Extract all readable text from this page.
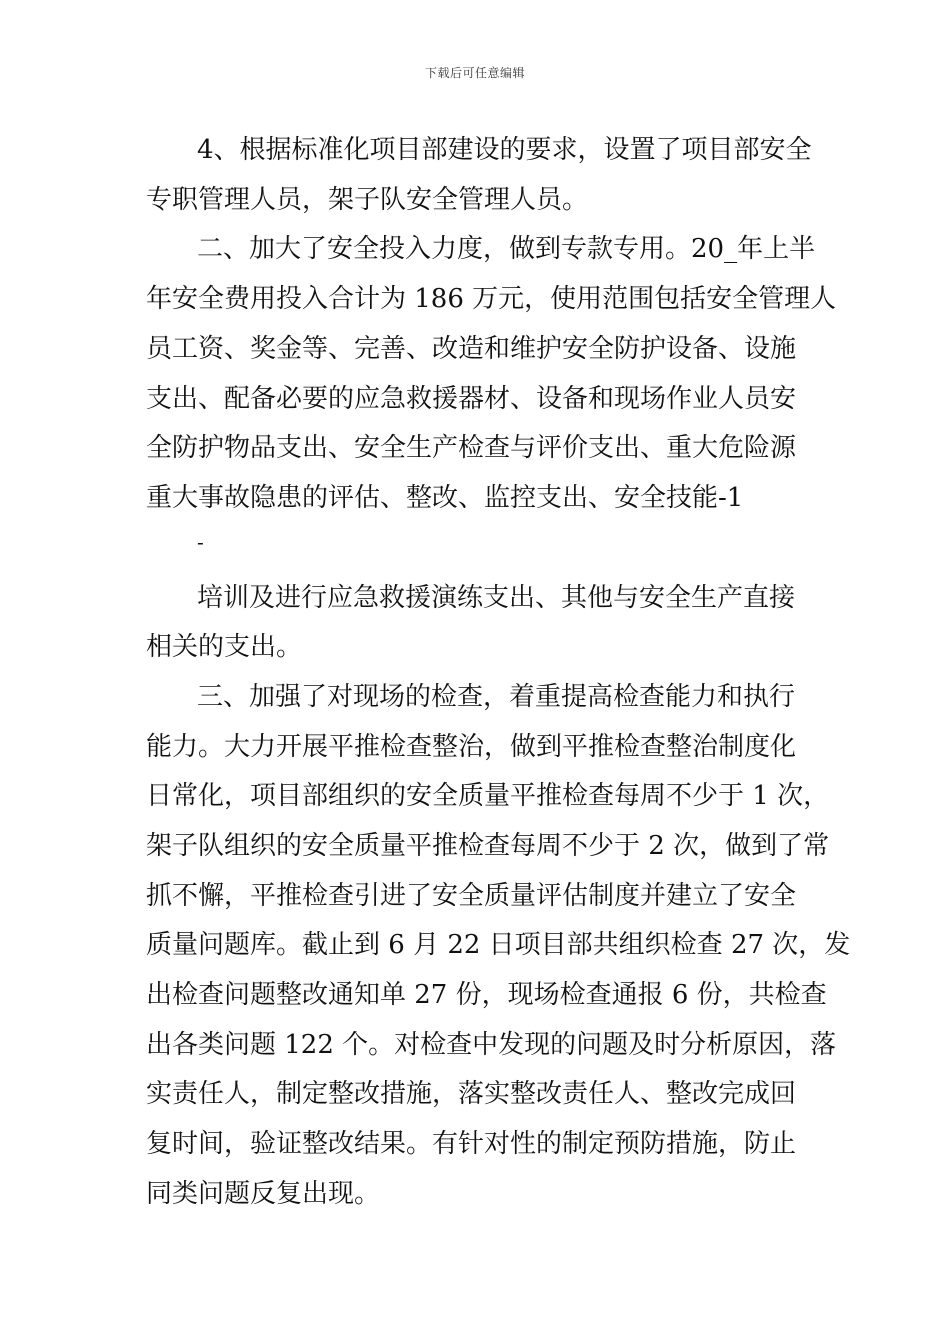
下载后可任意编辑
4、根据标准化项目部建设的要求，设置了项目部安全
专职管理人员，架子队安全管理人员。
二、加大了安全投入力度，做到专款专用。20_年上半
年安全费用投入合计为 186 万元，使用范围包括安全管理人
员工资、奖金等、完善、改造和维护安全防护设备、设施
支出、配备必要的应急救援器材、设备和现场作业人员安
全防护物品支出、安全生产检查与评价支出、重大危险源
重大事故隐患的评估、整改、监控支出、安全技能-1
-
培训及进行应急救援演练支出、其他与安全生产直接
相关的支出。
三、加强了对现场的检查，着重提高检查能力和执行
能力。大力开展平推检查整治，做到平推检查整治制度化
日常化，项目部组织的安全质量平推检查每周不少于 1 次，
架子队组织的安全质量平推检查每周不少于 2 次，做到了常
抓不懈，平推检查引进了安全质量评估制度并建立了安全
质量问题库。截止到 6 月 22 日项目部共组织检查 27 次，发
出检查问题整改通知单 27 份，现场检查通报 6 份，共检查
出各类问题 122 个。对检查中发现的问题及时分析原因，落
实责任人，制定整改措施，落实整改责任人、整改完成回
复时间，验证整改结果。有针对性的制定预防措施，防止
同类问题反复出现。
